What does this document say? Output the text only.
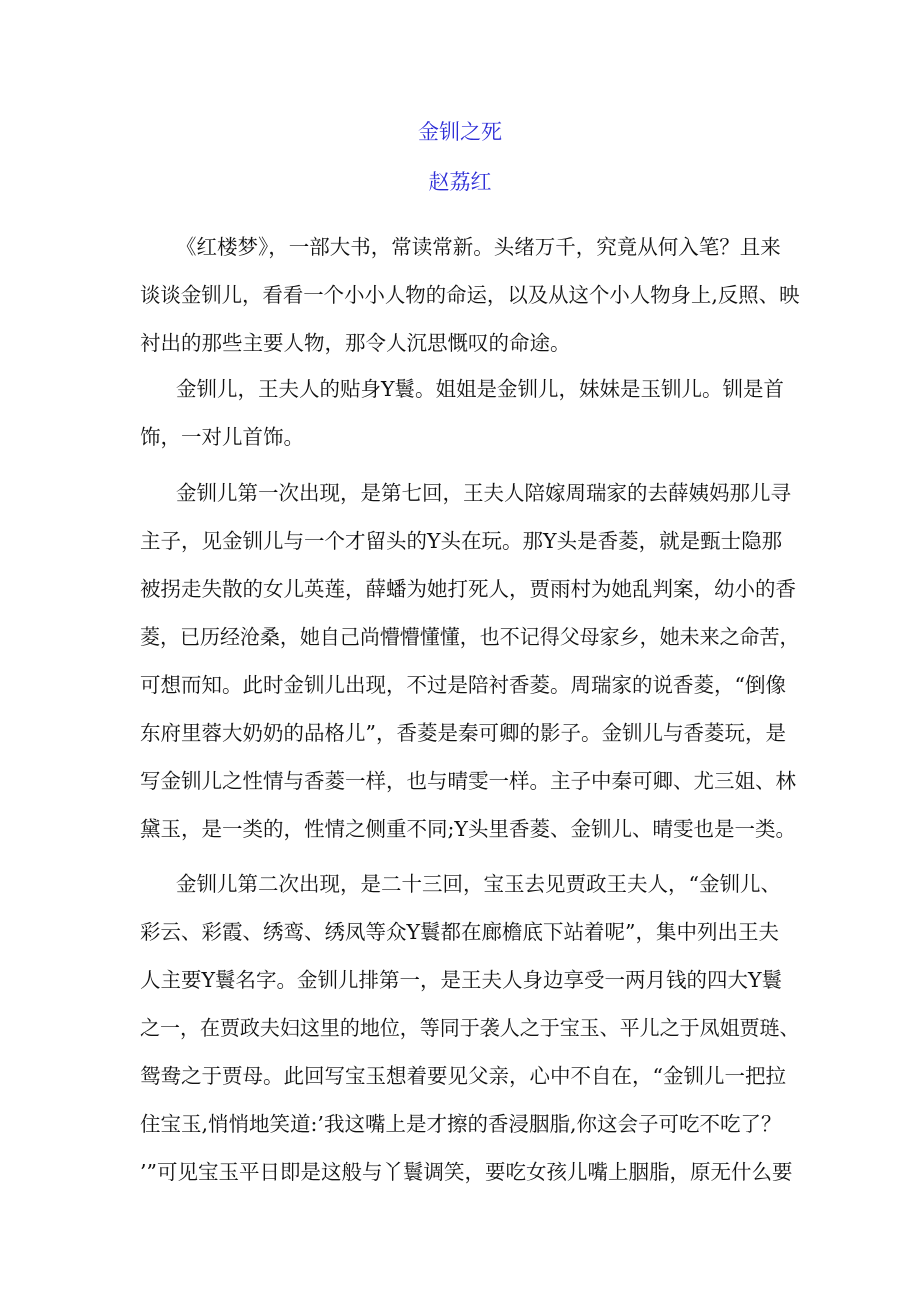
金钏之死
赵荔红
《红楼梦》，一部大书，常读常新。头绪万千，究竟从何入笔？且来
谈谈金钏儿，看看一个小小人物的命运，以及从这个小人物身上,反照、映
衬出的那些主要人物，那令人沉思慨叹的命途。
金钏儿，王夫人的贴身Y鬟。姐姐是金钏儿，妹妹是玉钏儿。钏是首
饰，一对儿首饰。
金钏儿第一次出现，是第七回，王夫人陪嫁周瑞家的去薛姨妈那儿寻
主子，见金钏儿与一个才留头的Y头在玩。那Y头是香菱，就是甄士隐那
被拐走失散的女儿英莲，薛蟠为她打死人，贾雨村为她乱判案，幼小的香
菱，已历经沧桑，她自己尚懵懵懂懂，也不记得父母家乡，她未来之命苦，
可想而知。此时金钏儿出现，不过是陪衬香菱。周瑞家的说香菱，“倒像
东府里蓉大奶奶的品格儿”，香菱是秦可卿的影子。金钏儿与香菱玩，是
写金钏儿之性情与香菱一样，也与晴雯一样。主子中秦可卿、尤三姐、林
黛玉，是一类的，性情之侧重不同;Y头里香菱、金钏儿、晴雯也是一类。
金钏儿第二次出现，是二十三回，宝玉去见贾政王夫人，“金钏儿、
彩云、彩霞、绣鸾、绣凤等众Y鬟都在廊檐底下站着呢”，集中列出王夫
人主要Y鬟名字。金钏儿排第一，是王夫人身边享受一两月钱的四大Y鬟
之一，在贾政夫妇这里的地位，等同于袭人之于宝玉、平儿之于凤姐贾琏、
鸳鸯之于贾母。此回写宝玉想着要见父亲，心中不自在，“金钏儿一把拉
住宝玉,悄悄地笑道:’我这嘴上是才擦的香浸胭脂,你这会子可吃不吃了？
’”可见宝玉平日即是这般与丫鬟调笑，要吃女孩儿嘴上胭脂，原无什么要
